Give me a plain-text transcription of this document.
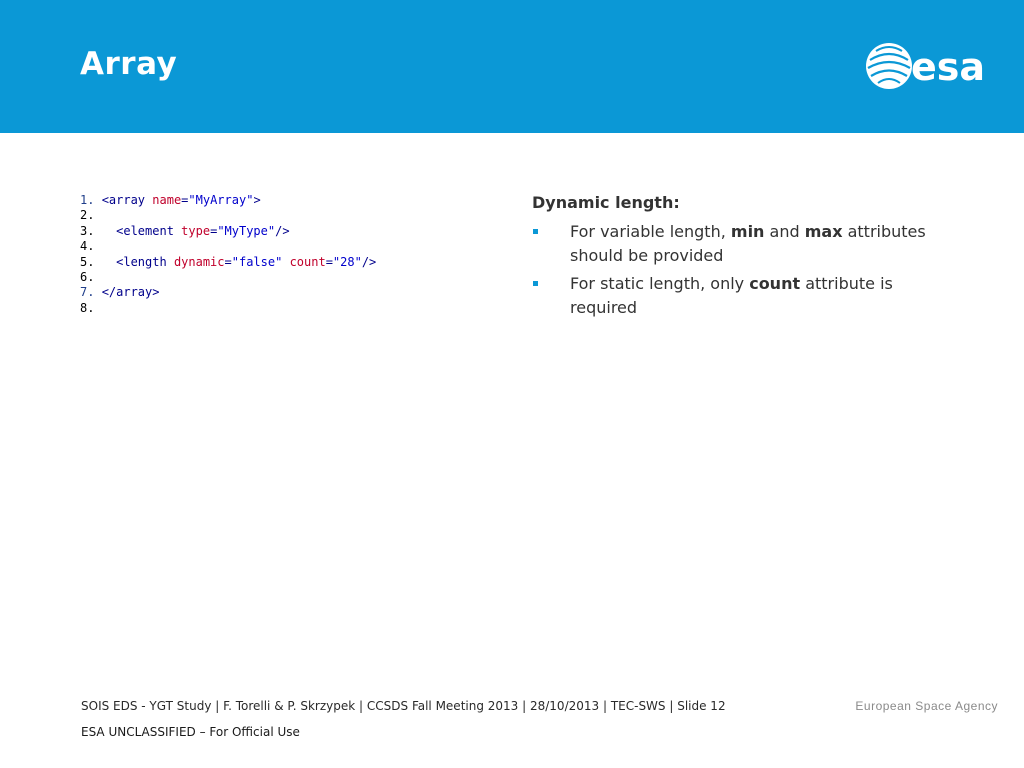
Array	esa
1. <array name="MyArray">
2.
3.   <element type="MyType"/>
4.
5.   <length dynamic="false" count="28"/>
6.
7. </array>
8.
Dynamic length:
For variable length, min and max attributes should be provided
For static length, only count attribute is required
SOIS EDS - YGT Study | F. Torelli & P. Skrzypek | CCSDS Fall Meeting 2013 | 28/10/2013 | TEC-SWS | Slide 12	European Space Agency
ESA UNCLASSIFIED – For Official Use
